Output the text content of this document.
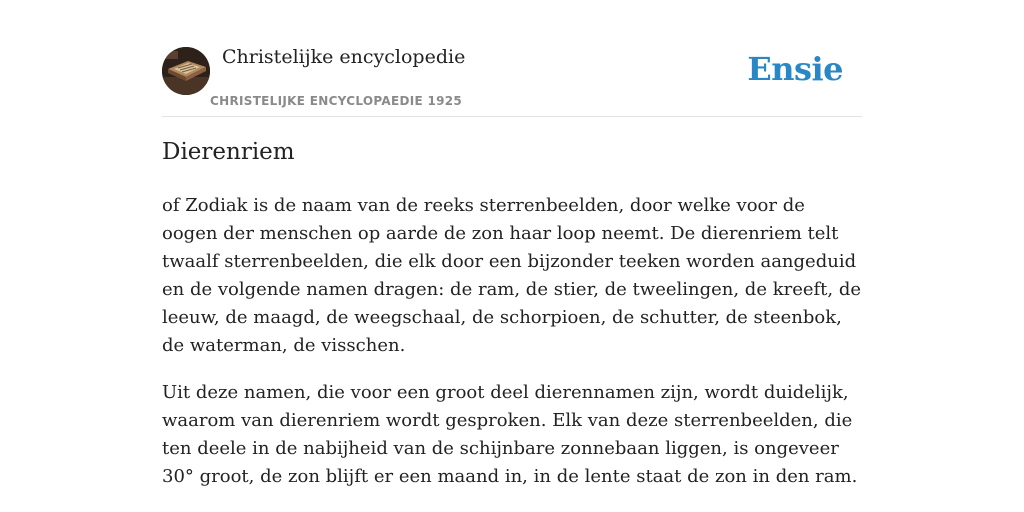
Christelijke encyclopedie
CHRISTELIJKE ENCYCLOPAEDIE 1925
Ensie
Dierenriem

of Zodiak is de naam van de reeks sterrenbeelden, door welke voor de oogen der menschen op aarde de zon haar loop neemt. De dierenriem telt twaalf sterrenbeelden, die elk door een bijzonder teeken worden aangeduid en de volgende namen dragen: de ram, de stier, de tweelingen, de kreeft, de leeuw, de maagd, de weegschaal, de schorpioen, de schutter, de steenbok, de waterman, de visschen.

Uit deze namen, die voor een groot deel dierennamen zijn, wordt duidelijk, waarom van dierenriem wordt gesproken. Elk van deze sterrenbeelden, die ten deele in de nabijheid van de schijnbare zonnebaan liggen, is ongeveer 30° groot, de zon blijft er een maand in, in de lente staat de zon in den ram.
